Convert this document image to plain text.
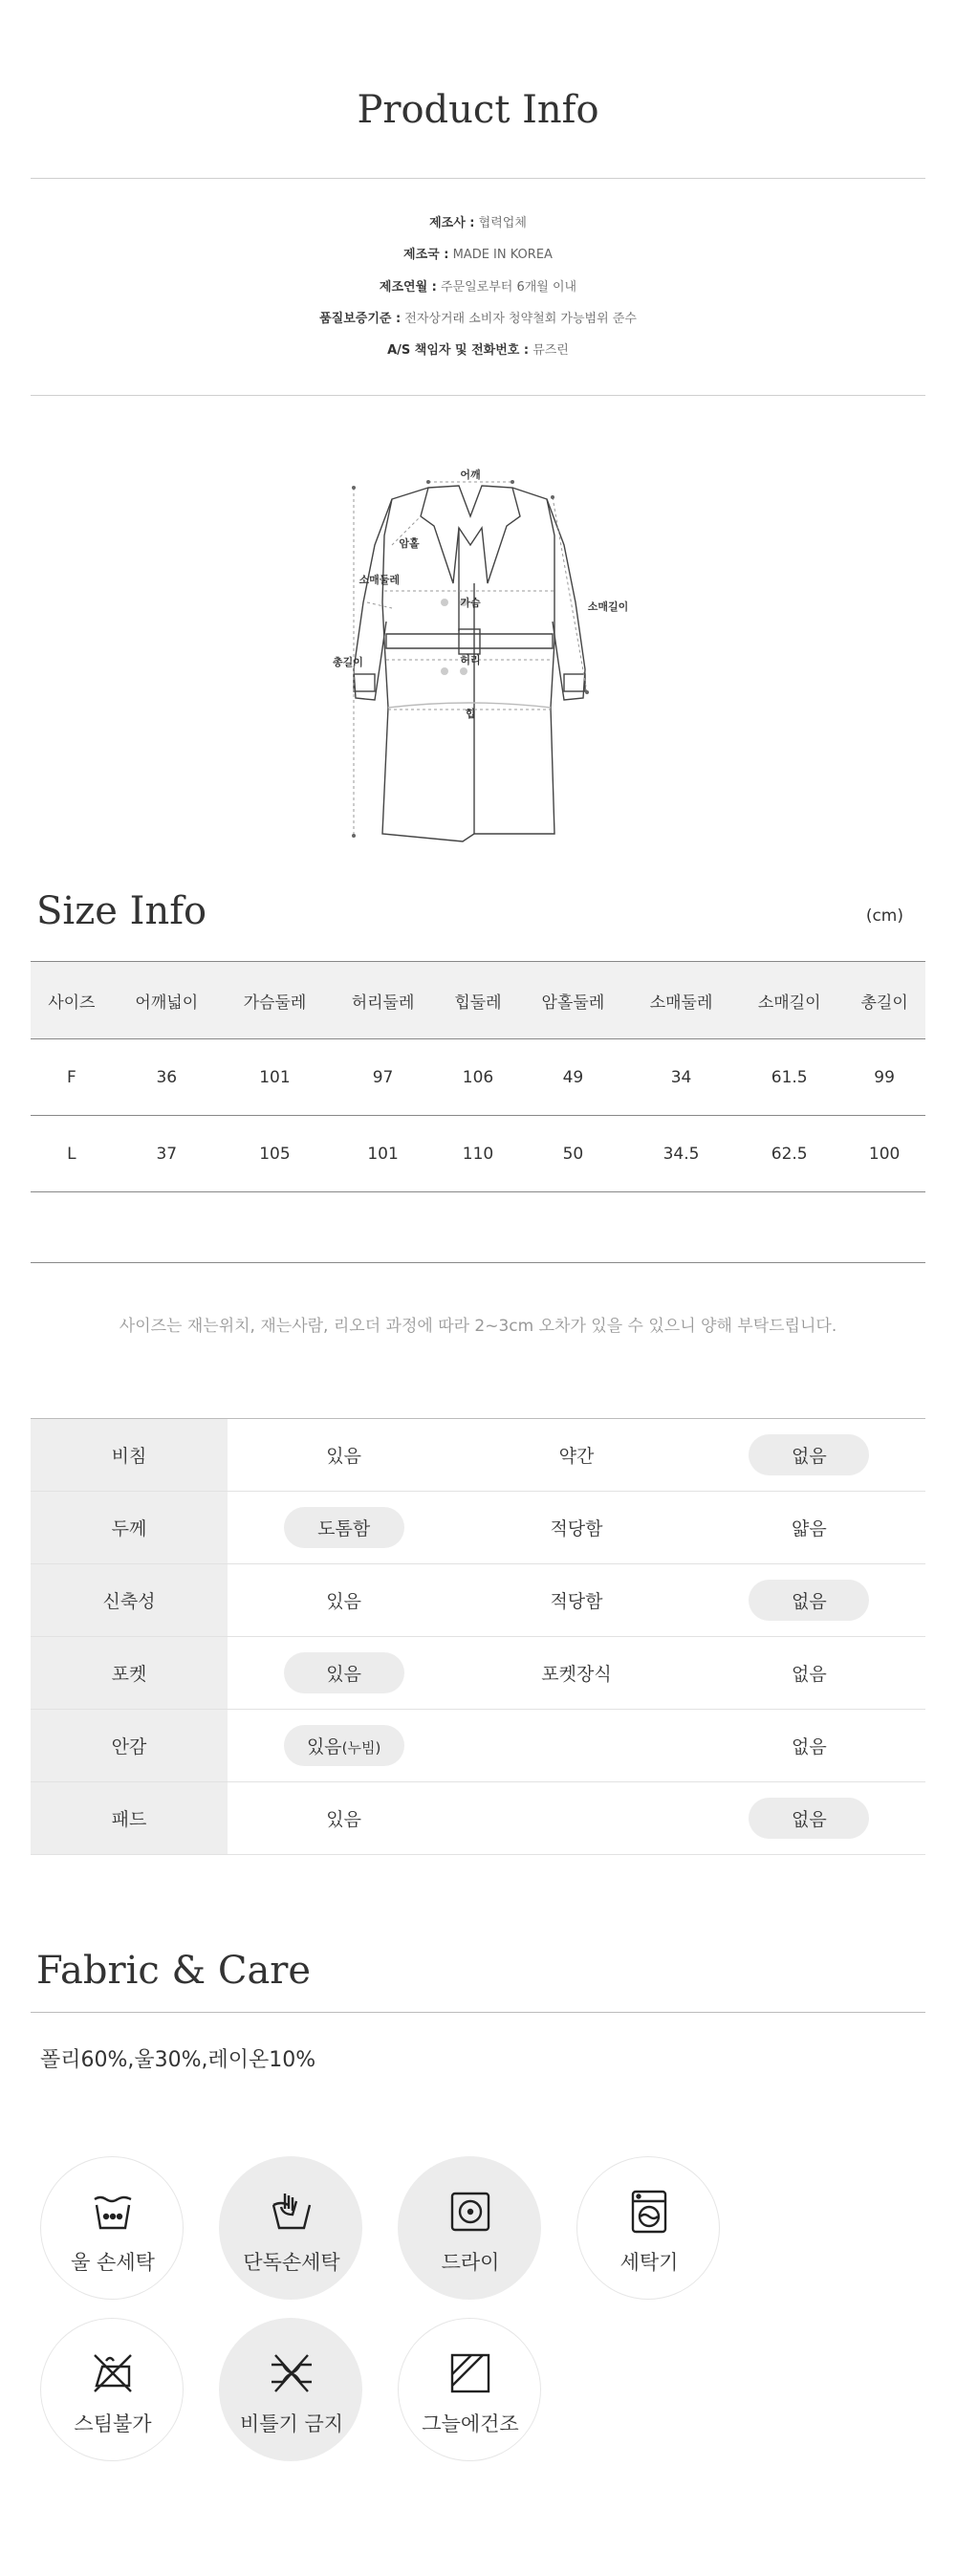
Product Info
제조사 : 협력업체
제조국 : MADE IN KOREA
제조연월 : 주문일로부터 6개월 이내
품질보증기준 : 전자상거래 소비자 청약철회 가능범위 준수
A/S 책임자 및 전화번호 : 뮤즈린
어깨
암홀
소매둘레
가슴	소매길이
총길이	허리
힙
Size Info	(cm)
사이즈	어깨넓이	가슴둘레	허리둘레	힙둘레	암홀둘레	소매둘레	소매길이	총길이
F	36	101	97	106	49	34	61.5	99
L	37	105	101	110	50	34.5	62.5	100
사이즈는 재는위치, 재는사람, 리오더 과정에 따라 2~3cm 오차가 있을 수 있으니 양해 부탁드립니다.
비침	있음	약간	없음
두께	도톰함	적당함	얇음
신축성	있음	적당함	없음
포켓	있음	포켓장식	없음
안감	있음(누빔)		없음
패드	있음		없음
Fabric & Care
폴리60%,울30%,레이온10%
울 손세탁	단독손세탁	드라이	세탁기
스팀불가	비틀기 금지	그늘에건조
